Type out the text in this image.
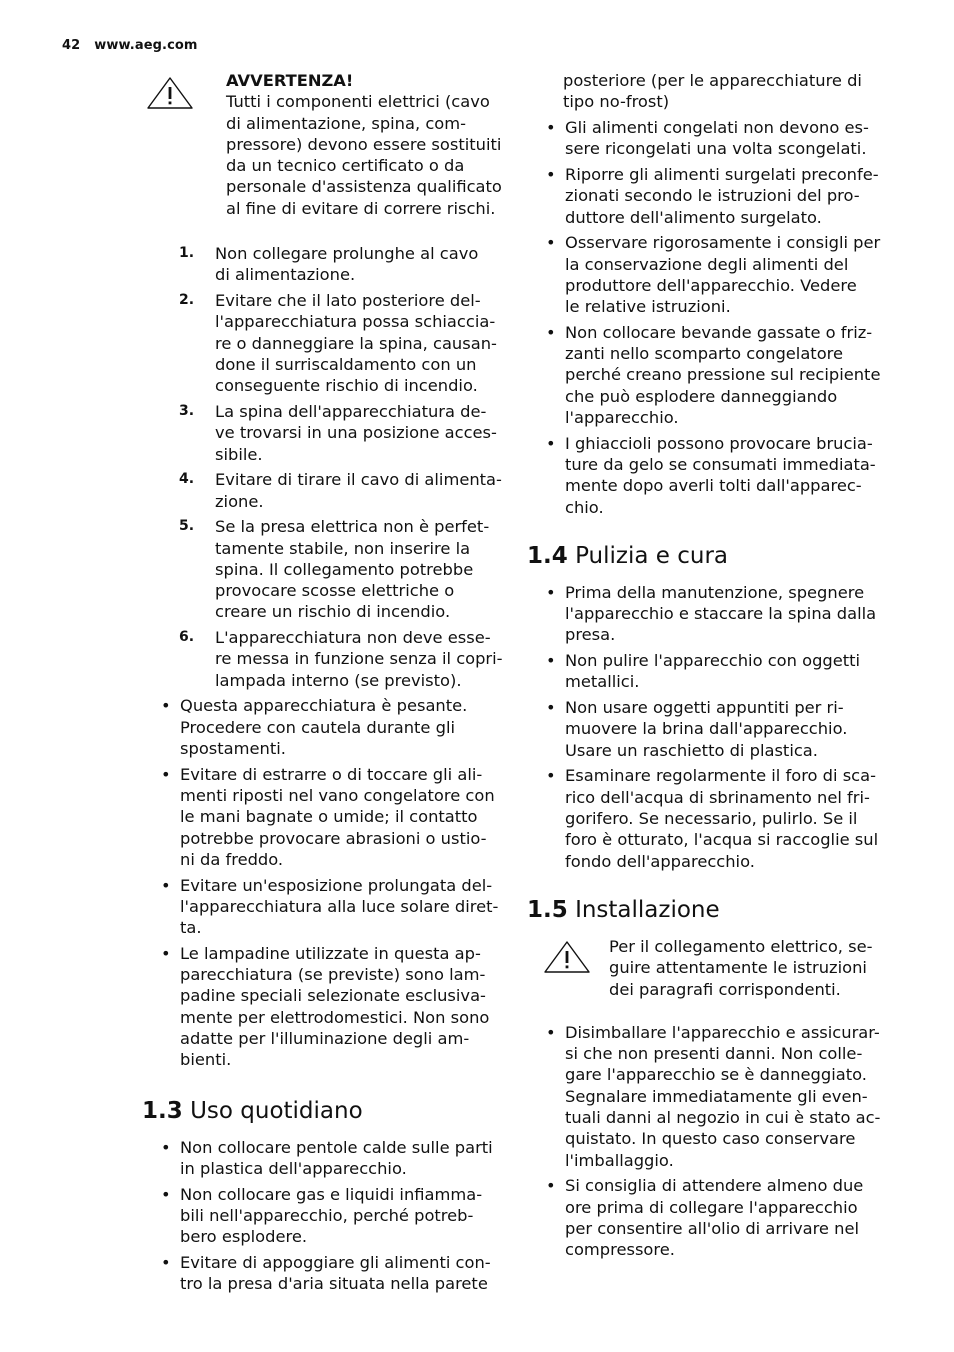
42 www.aeg.com
AVVERTENZA!
Tutti i componenti elettrici (cavo
di alimentazione, spina, com-
pressore) devono essere sostituiti
da un tecnico certificato o da
personale d'assistenza qualificato
al fine di evitare di correre rischi.
1. Non collegare prolunghe al cavo
di alimentazione.
2. Evitare che il lato posteriore del-
l'apparecchiatura possa schiaccia-
re o danneggiare la spina, causan-
done il surriscaldamento con un
conseguente rischio di incendio.
3. La spina dell'apparecchiatura de-
ve trovarsi in una posizione acces-
sibile.
4. Evitare di tirare il cavo di alimenta-
zione.
5. Se la presa elettrica non è perfet-
tamente stabile, non inserire la
spina. Il collegamento potrebbe
provocare scosse elettriche o
creare un rischio di incendio.
6. L'apparecchiatura non deve esse-
re messa in funzione senza il copri-
lampada interno (se previsto).
• Questa apparecchiatura è pesante.
Procedere con cautela durante gli
spostamenti.
• Evitare di estrarre o di toccare gli ali-
menti riposti nel vano congelatore con
le mani bagnate o umide; il contatto
potrebbe provocare abrasioni o ustio-
ni da freddo.
• Evitare un'esposizione prolungata del-
l'apparecchiatura alla luce solare diret-
ta.
• Le lampadine utilizzate in questa ap-
parecchiatura (se previste) sono lam-
padine speciali selezionate esclusiva-
mente per elettrodomestici. Non sono
adatte per l'illuminazione degli am-
bienti.
1.3 Uso quotidiano
• Non collocare pentole calde sulle parti
in plastica dell'apparecchio.
• Non collocare gas e liquidi infiamma-
bili nell'apparecchio, perché potreb-
bero esplodere.
• Evitare di appoggiare gli alimenti con-
tro la presa d'aria situata nella parete
posteriore (per le apparecchiature di
tipo no-frost)
• Gli alimenti congelati non devono es-
sere ricongelati una volta scongelati.
• Riporre gli alimenti surgelati preconfe-
zionati secondo le istruzioni del pro-
duttore dell'alimento surgelato.
• Osservare rigorosamente i consigli per
la conservazione degli alimenti del
produttore dell'apparecchio. Vedere
le relative istruzioni.
• Non collocare bevande gassate o friz-
zanti nello scomparto congelatore
perché creano pressione sul recipiente
che può esplodere danneggiando
l'apparecchio.
• I ghiaccioli possono provocare brucia-
ture da gelo se consumati immediata-
mente dopo averli tolti dall'apparec-
chio.
1.4 Pulizia e cura
• Prima della manutenzione, spegnere
l'apparecchio e staccare la spina dalla
presa.
• Non pulire l'apparecchio con oggetti
metallici.
• Non usare oggetti appuntiti per ri-
muovere la brina dall'apparecchio.
Usare un raschietto di plastica.
• Esaminare regolarmente il foro di sca-
rico dell'acqua di sbrinamento nel fri-
gorifero. Se necessario, pulirlo. Se il
foro è otturato, l'acqua si raccoglie sul
fondo dell'apparecchio.
1.5 Installazione
Per il collegamento elettrico, se-
guire attentamente le istruzioni
dei paragrafi corrispondenti.
• Disimballare l'apparecchio e assicurar-
si che non presenti danni. Non colle-
gare l'apparecchio se è danneggiato.
Segnalare immediatamente gli even-
tuali danni al negozio in cui è stato ac-
quistato. In questo caso conservare
l'imballaggio.
• Si consiglia di attendere almeno due
ore prima di collegare l'apparecchio
per consentire all'olio di arrivare nel
compressore.
